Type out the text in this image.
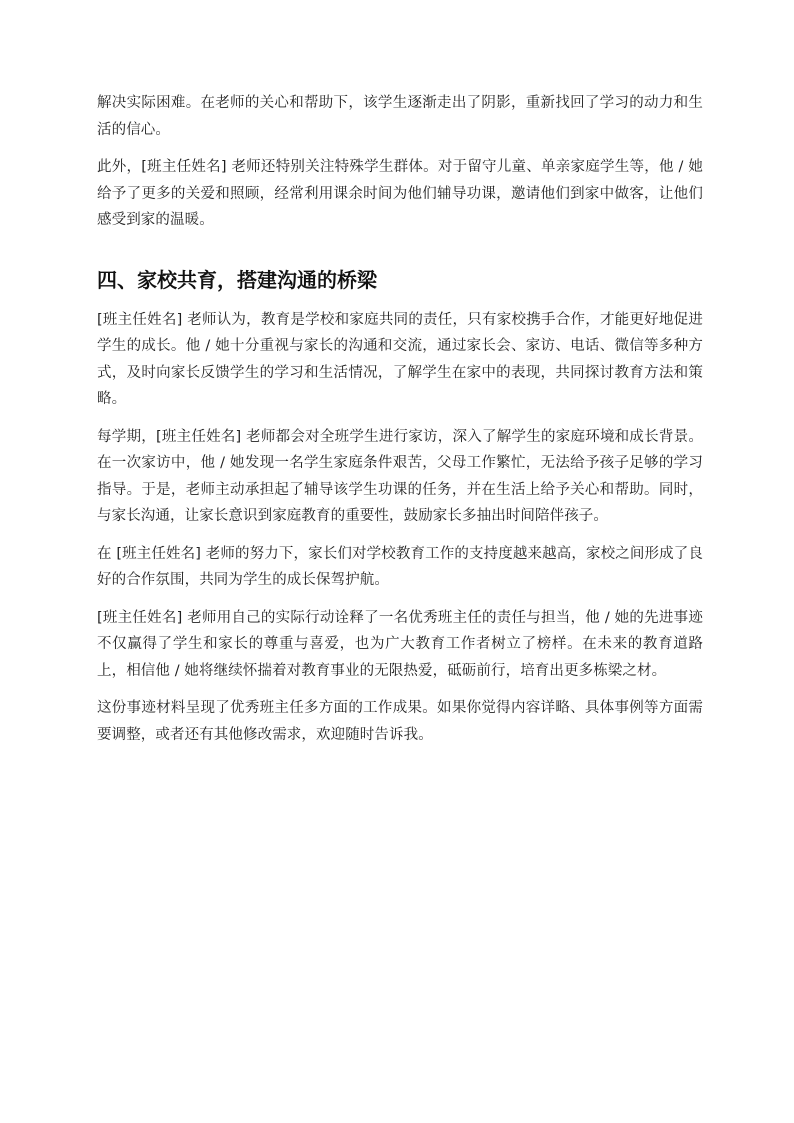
解决实际困难。在老师的关心和帮助下，该学生逐渐走出了阴影，重新找回了学习的动力和生活的信心。

此外，[班主任姓名] 老师还特别关注特殊学生群体。对于留守儿童、单亲家庭学生等，他 / 她给予了更多的关爱和照顾，经常利用课余时间为他们辅导功课，邀请他们到家中做客，让他们感受到家的温暖。

四、家校共育，搭建沟通的桥梁

[班主任姓名] 老师认为，教育是学校和家庭共同的责任，只有家校携手合作，才能更好地促进学生的成长。他 / 她十分重视与家长的沟通和交流，通过家长会、家访、电话、微信等多种方式，及时向家长反馈学生的学习和生活情况，了解学生在家中的表现，共同探讨教育方法和策略。

每学期，[班主任姓名] 老师都会对全班学生进行家访，深入了解学生的家庭环境和成长背景。在一次家访中，他 / 她发现一名学生家庭条件艰苦，父母工作繁忙，无法给予孩子足够的学习指导。于是，老师主动承担起了辅导该学生功课的任务，并在生活上给予关心和帮助。同时，与家长沟通，让家长意识到家庭教育的重要性，鼓励家长多抽出时间陪伴孩子。

在 [班主任姓名] 老师的努力下，家长们对学校教育工作的支持度越来越高，家校之间形成了良好的合作氛围，共同为学生的成长保驾护航。

[班主任姓名] 老师用自己的实际行动诠释了一名优秀班主任的责任与担当，他 / 她的先进事迹不仅赢得了学生和家长的尊重与喜爱，也为广大教育工作者树立了榜样。在未来的教育道路上，相信他 / 她将继续怀揣着对教育事业的无限热爱，砥砺前行，培育出更多栋梁之材。

这份事迹材料呈现了优秀班主任多方面的工作成果。如果你觉得内容详略、具体事例等方面需要调整，或者还有其他修改需求，欢迎随时告诉我。
